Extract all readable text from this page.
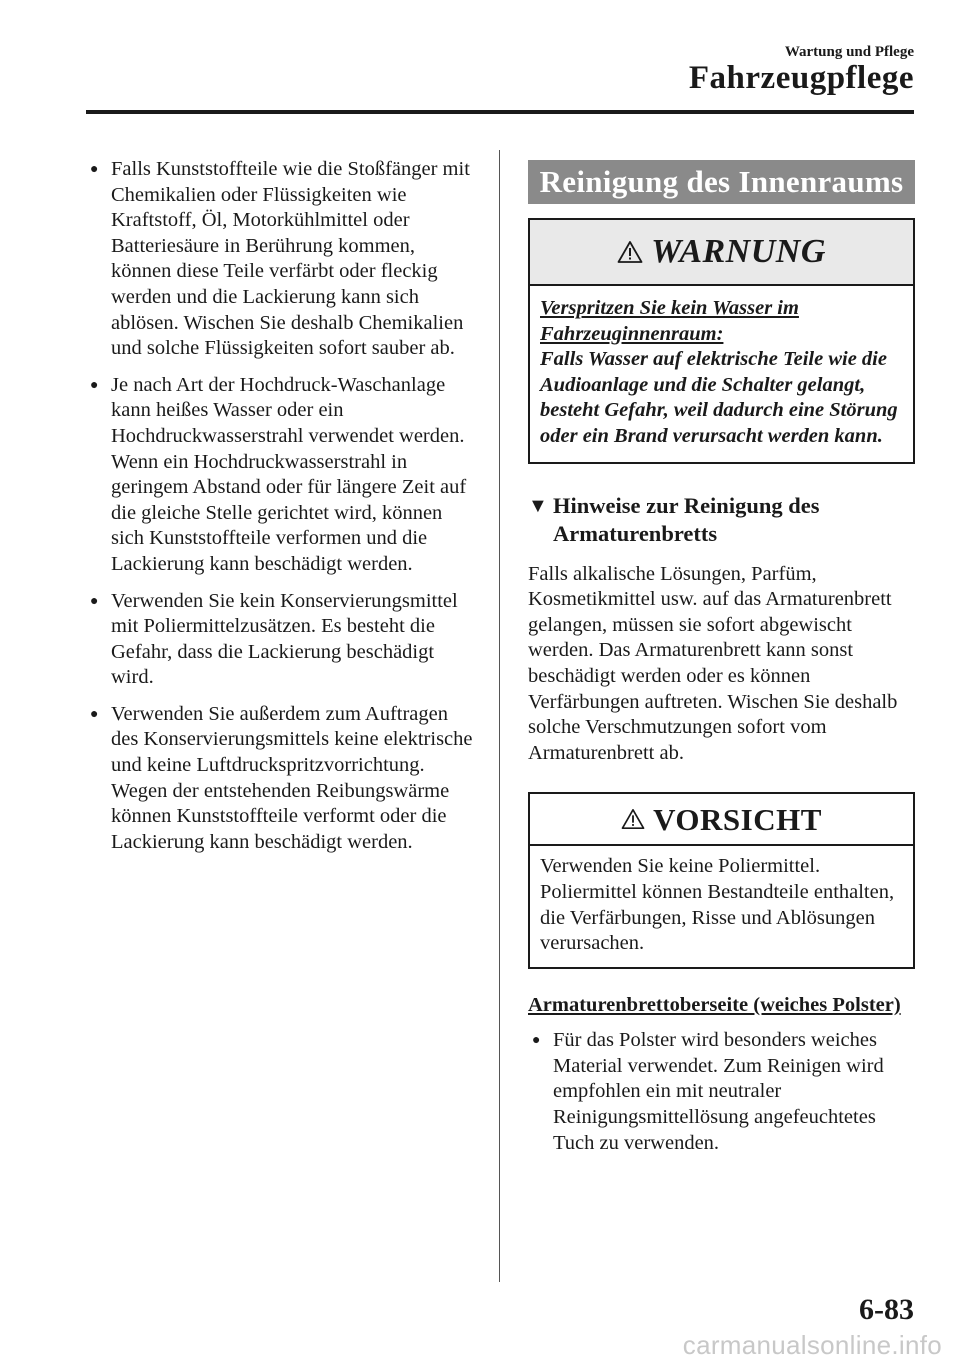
Wartung und Pflege
Fahrzeugpflege
● Falls Kunststoffteile wie die Stoßfänger mit Chemikalien oder Flüssigkeiten wie Kraftstoff, Öl, Motorkühlmittel oder Batteriesäure in Berührung kommen, können diese Teile verfärbt oder fleckig werden und die Lackierung kann sich ablösen. Wischen Sie deshalb Chemikalien und solche Flüssigkeiten sofort sauber ab.
● Je nach Art der Hochdruck-Waschanlage kann heißes Wasser oder ein Hochdruckwasserstrahl verwendet werden. Wenn ein Hochdruckwasserstrahl in geringem Abstand oder für längere Zeit auf die gleiche Stelle gerichtet wird, können sich Kunststoffteile verformen und die Lackierung kann beschädigt werden.
● Verwenden Sie kein Konservierungsmittel mit Poliermittelzusätzen. Es besteht die Gefahr, dass die Lackierung beschädigt wird.
● Verwenden Sie außerdem zum Auftragen des Konservierungsmittels keine elektrische und keine Luftdruckspritzvorrichtung. Wegen der entstehenden Reibungswärme können Kunststoffteile verformt oder die Lackierung kann beschädigt werden.
Reinigung des Innenraums
WARNUNG
Verspritzen Sie kein Wasser im Fahrzeuginnenraum:
Falls Wasser auf elektrische Teile wie die Audioanlage und die Schalter gelangt, besteht Gefahr, weil dadurch eine Störung oder ein Brand verursacht werden kann.
▼ Hinweise zur Reinigung des Armaturenbretts
Falls alkalische Lösungen, Parfüm, Kosmetikmittel usw. auf das Armaturenbrett gelangen, müssen sie sofort abgewischt werden. Das Armaturenbrett kann sonst beschädigt werden oder es können Verfärbungen auftreten. Wischen Sie deshalb solche Verschmutzungen sofort vom Armaturenbrett ab.
VORSICHT
Verwenden Sie keine Poliermittel. Poliermittel können Bestandteile enthalten, die Verfärbungen, Risse und Ablösungen verursachen.
Armaturenbrettoberseite (weiches Polster)
● Für das Polster wird besonders weiches Material verwendet. Zum Reinigen wird empfohlen ein mit neutraler Reinigungsmittellösung angefeuchtetes Tuch zu verwenden.
6-83
carmanualsonline.info
